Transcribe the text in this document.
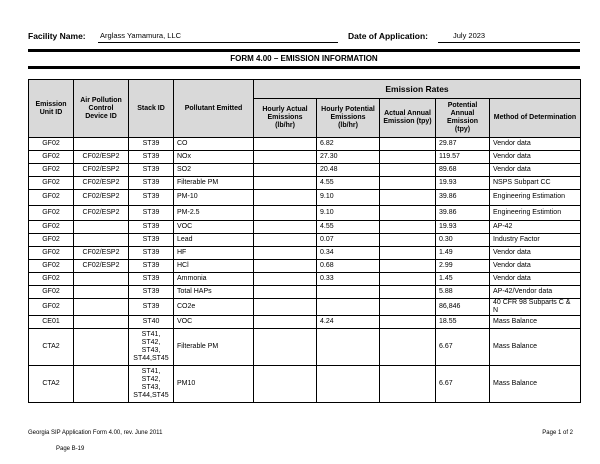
Facility Name: Arglass Yamamura, LLC	Date of Application:	July 2023
FORM 4.00 – EMISSION INFORMATION
Emission Unit ID	Air Pollution Control Device ID	Stack ID	Pollutant Emitted	Emission Rates				
				Hourly Actual Emissions (lb/hr)	Hourly Potential Emissions (lb/hr)	Actual Annual Emission (tpy)	Potential Annual Emission (tpy)	Method of Determination
GF02		ST39	CO		6.82		29.87	Vendor data
GF02	CF02/ESP2	ST39	NOx		27.30		119.57	Vendor data
GF02	CF02/ESP2	ST39	SO2		20.48		89.68	Vendor data
GF02	CF02/ESP2	ST39	Filterable PM		4.55		19.93	NSPS Subpart CC
GF02	CF02/ESP2	ST39	PM-10		9.10		39.86	Engineering Estimation
GF02	CF02/ESP2	ST39	PM-2.5		9.10		39.86	Engineering Estimtion
GF02		ST39	VOC		4.55		19.93	AP-42
GF02		ST39	Lead		0.07		0.30	Industry Factor
GF02	CF02/ESP2	ST39	HF		0.34		1.49	Vendor data
GF02	CF02/ESP2	ST39	HCl		0.68		2.99	Vendor data
GF02		ST39	Ammonia		0.33		1.45	Vendor data
GF02		ST39	Total HAPs				5.88	AP-42/Vendor data
GF02		ST39	CO2e				86,846	40 CFR 98 Subparts C & N
CE01		ST40	VOC		4.24		18.55	Mass Balance
CTA2		ST41, ST42, ST43, ST44,ST45	Filterable PM				6.67	Mass Balance
CTA2		ST41, ST42, ST43, ST44,ST45	PM10				6.67	Mass Balance
Georgia SIP Application Form 4.00, rev. June 2011	Page 1 of 2
Page B-19
